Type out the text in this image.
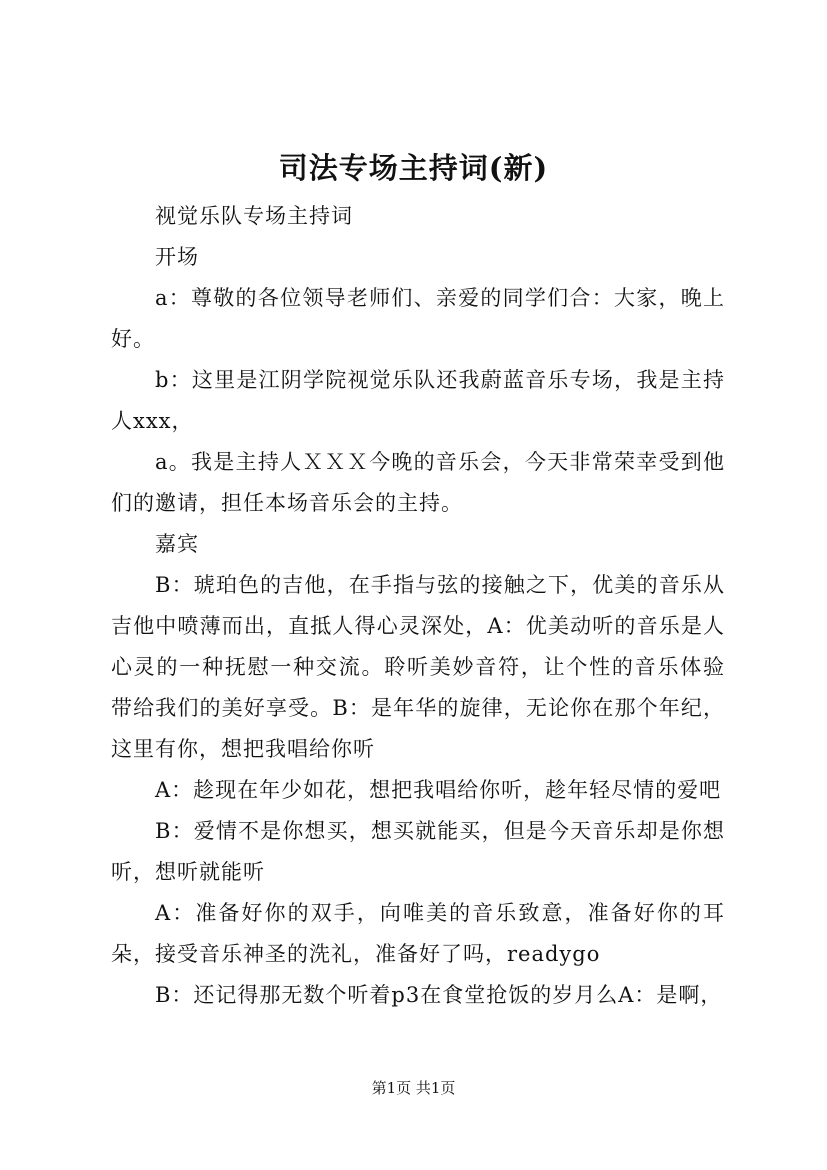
司法专场主持词(新)

视觉乐队专场主持词

开场

a：尊敬的各位领导老师们、亲爱的同学们合：大家，晚上好。

b：这里是江阴学院视觉乐队还我蔚蓝音乐专场，我是主持人xxx，

a。我是主持人ＸＸＸ今晚的音乐会，今天非常荣幸受到他们的邀请，担任本场音乐会的主持。

嘉宾

B：琥珀色的吉他，在手指与弦的接触之下，优美的音乐从吉他中喷薄而出，直抵人得心灵深处，A：优美动听的音乐是人心灵的一种抚慰一种交流。聆听美妙音符，让个性的音乐体验带给我们的美好享受。B：是年华的旋律，无论你在那个年纪，这里有你，想把我唱给你听

A：趁现在年少如花，想把我唱给你听，趁年轻尽情的爱吧

B：爱情不是你想买，想买就能买，但是今天音乐却是你想听，想听就能听

A：准备好你的双手，向唯美的音乐致意，准备好你的耳朵，接受音乐神圣的洗礼，准备好了吗，readygo

B：还记得那无数个听着p3在食堂抢饭的岁月么A：是啊，

第1页 共1页
